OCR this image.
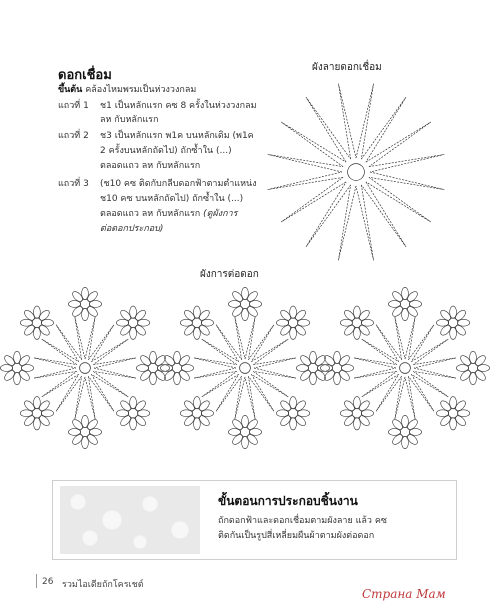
ดอกเชื่อม
ขึ้นต้น คล้องไหมพรมเป็นห่วงวงกลม
แถวที่ 1 ช1 เป็นหลักแรก คซ 8 ครั้งในห่วงวงกลม
ลห กับหลักแรก
แถวที่ 2 ช3 เป็นหลักแรก พ1ค บนหลักเดิม (พ1ค
2 ครั้งบนหลักถัดไป) ถักซ้ำใน (...)
ตลอดแถว ลห กับหลักแรก
แถวที่ 3 (ช10 คซ ติดกับกลีบดอกฟ้าตามตำแหน่ง
ช10 คซ บนหลักถัดไป) ถักซ้ำใน (...)
ตลอดแถว ลห กับหลักแรก (ดูผังการ
ต่อดอกประกอบ)
ผังลายดอกเชื่อม
ผังการต่อดอก
ขั้นตอนการประกอบชิ้นงาน
ถักดอกฟ้าและดอกเชื่อมตามผังลาย แล้ว คซ
ติดกันเป็นรูปสี่เหลี่ยมผืนผ้าตามผังต่อดอก
26 รวมไอเดียถักโครเชต์
Страна Мам
